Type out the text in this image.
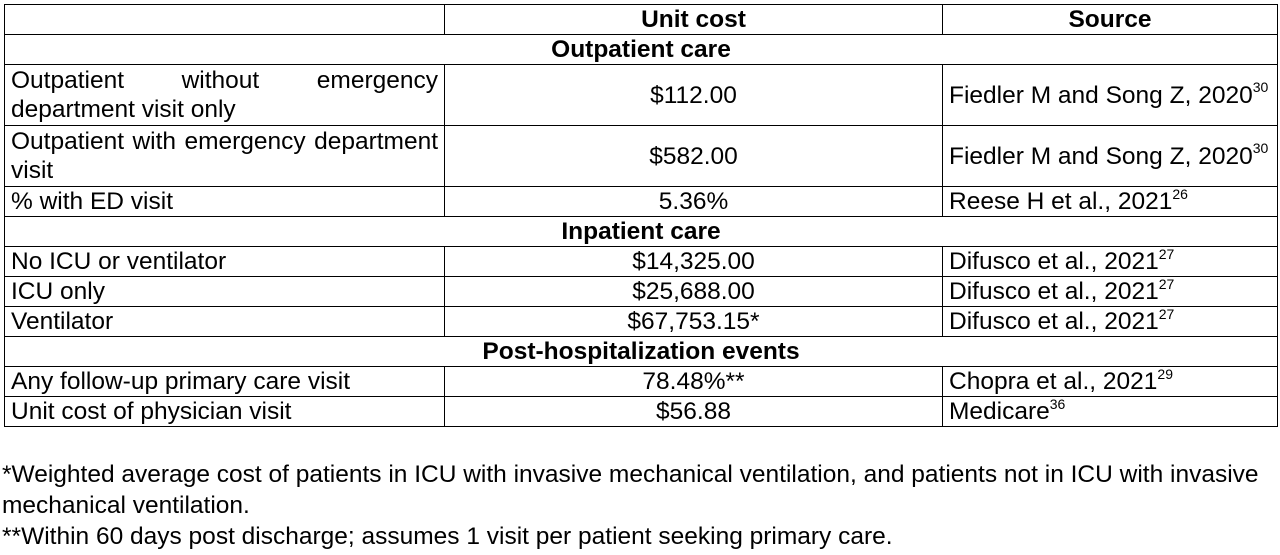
	Unit cost	Source
Outpatient care		
Outpatient without emergency department visit only	$112.00	Fiedler M and Song Z, 2020$^{30}$
Outpatient with emergency department visit	$582.00	Fiedler M and Song Z, 2020$^{30}$
% with ED visit	5.36%	Reese H et al., 2021$^{26}$
Inpatient care		
No ICU or ventilator	$14,325.00	Difusco et al., 2021$^{27}$
ICU only	$25,688.00	Difusco et al., 2021$^{27}$
Ventilator	$67,753.15*	Difusco et al., 2021$^{27}$
Post-hospitalization events		
Any follow-up primary care visit	78.48%**	Chopra et al., 2021$^{29}$
Unit cost of physician visit	$56.88	Medicare$^{36}$

*Weighted average cost of patients in ICU with invasive mechanical ventilation, and patients not in ICU with invasive mechanical ventilation.

**Within 60 days post discharge; assumes 1 visit per patient seeking primary care.
